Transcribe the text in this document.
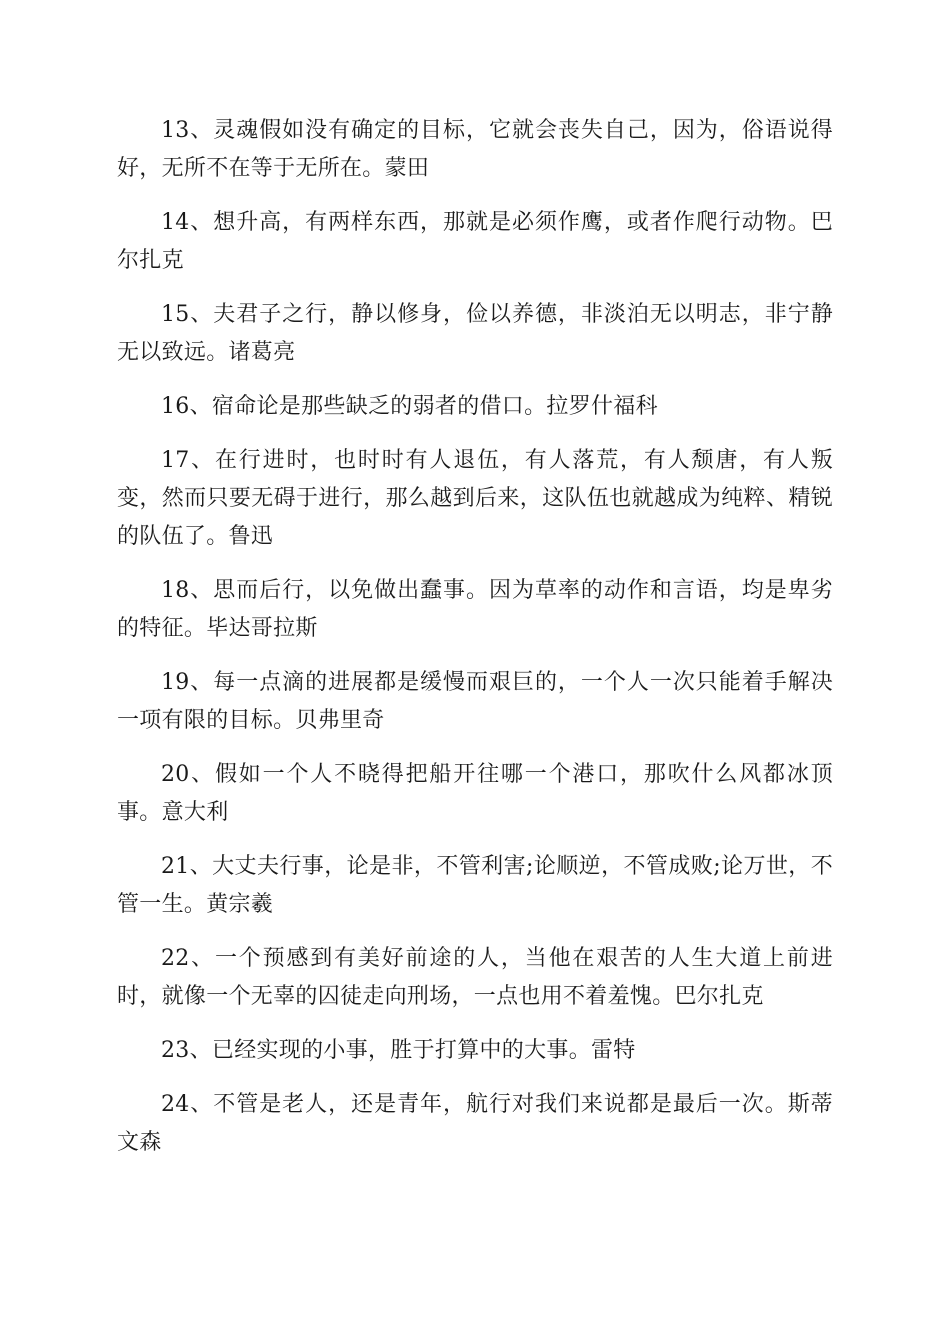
13、灵魂假如没有确定的目标，它就会丧失自己，因为，俗语说得好，无所不在等于无所在。蒙田

14、想升高，有两样东西，那就是必须作鹰，或者作爬行动物。巴尔扎克

15、夫君子之行，静以修身，俭以养德，非淡泊无以明志，非宁静无以致远。诸葛亮

16、宿命论是那些缺乏的弱者的借口。拉罗什福科

17、在行进时，也时时有人退伍，有人落荒，有人颓唐，有人叛变，然而只要无碍于进行，那么越到后来，这队伍也就越成为纯粹、精锐的队伍了。鲁迅

18、思而后行，以免做出蠢事。因为草率的动作和言语，均是卑劣的特征。毕达哥拉斯

19、每一点滴的进展都是缓慢而艰巨的，一个人一次只能着手解决一项有限的目标。贝弗里奇

20、假如一个人不晓得把船开往哪一个港口，那吹什么风都冰顶事。意大利

21、大丈夫行事，论是非，不管利害;论顺逆，不管成败;论万世，不管一生。黄宗羲

22、一个预感到有美好前途的人，当他在艰苦的人生大道上前进时，就像一个无辜的囚徒走向刑场，一点也用不着羞愧。巴尔扎克

23、已经实现的小事，胜于打算中的大事。雷特

24、不管是老人，还是青年，航行对我们来说都是最后一次。斯蒂文森
